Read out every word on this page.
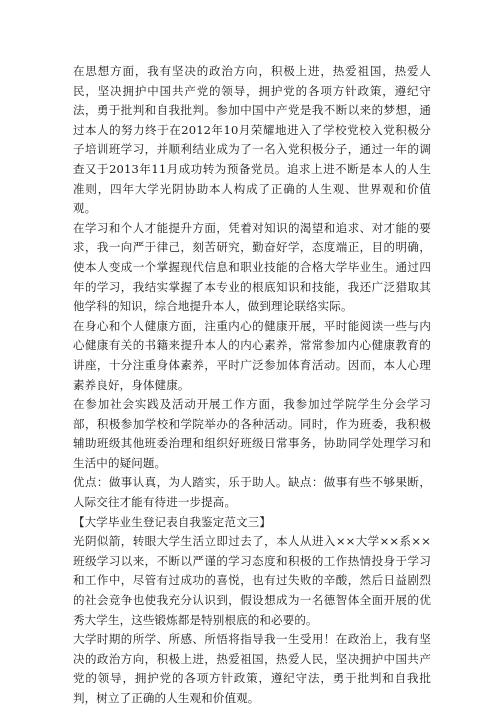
在思想方面，我有坚决的政治方向，积极上进，热爱祖国，热爱人民，坚决拥护中国共产党的领导，拥护党的各项方针政策，遵纪守法，勇于批判和自我批判。参加中国中产党是我不断以来的梦想，通过本人的努力终于在2012年10月荣耀地进入了学校党校入党积极分子培训班学习，并顺利结业成为了一名入党积极分子，通过一年的调查又于2013年11月成功转为预备党员。追求上进不断是本人的人生准则，四年大学光阴协助本人构成了正确的人生观、世界观和价值观。

在学习和个人才能提升方面，凭着对知识的渴望和追求、对才能的要求，我一向严于律己，刻苦研究，勤奋好学，态度端正，目的明确，使本人变成一个掌握现代信息和职业技能的合格大学毕业生。通过四年的学习，我结实掌握了本专业的根底知识和技能，我还广泛猎取其他学科的知识，综合地提升本人，做到理论联络实际。

在身心和个人健康方面，注重内心的健康开展，平时能阅读一些与内心健康有关的书籍来提升本人的内心素养，常常参加内心健康教育的讲座，十分注重身体素养，平时广泛参加体育活动。因而，本人心理素养良好，身体健康。

在参加社会实践及活动开展工作方面，我参加过学院学生分会学习部，积极参加学校和学院举办的各种活动。同时，作为班委，我积极辅助班级其他班委治理和组织好班级日常事务，协助同学处理学习和生活中的疑问题。

优点：做事认真，为人踏实，乐于助人。缺点：做事有些不够果断，人际交往才能有待进一步提高。

【大学毕业生登记表自我鉴定范文三】

光阴似箭，转眼大学生活立即过去了，本人从进入××大学××系××班级学习以来，不断以严谨的学习态度和积极的工作热情投身于学习和工作中，尽管有过成功的喜悦，也有过失败的辛酸，然后日益剧烈的社会竞争也使我充分认识到，假设想成为一名德智体全面开展的优秀大学生，这些锻炼都是特别根底的和必要的。

大学时期的所学、所感、所悟将指导我一生受用！在政治上，我有坚决的政治方向，积极上进，热爱祖国，热爱人民，坚决拥护中国共产党的领导，拥护党的各项方针政策，遵纪守法，勇于批判和自我批判，树立了正确的人生观和价值观。
